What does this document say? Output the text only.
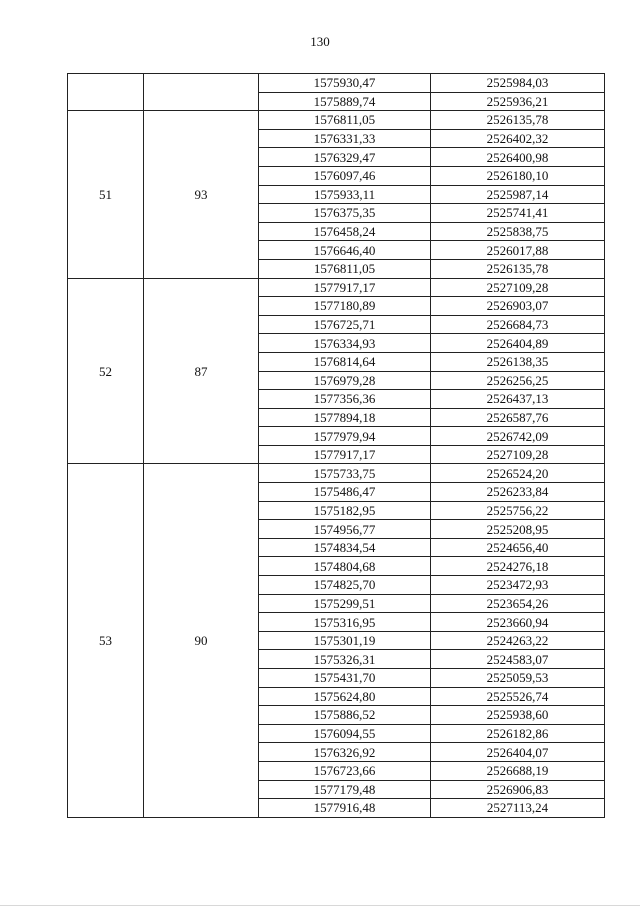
130
		1575930,47	2525984,03
		1575889,74	2525936,21
51	93	1576811,05	2526135,78
		1576331,33	2526402,32
		1576329,47	2526400,98
		1576097,46	2526180,10
		1575933,11	2525987,14
		1576375,35	2525741,41
		1576458,24	2525838,75
		1576646,40	2526017,88
		1576811,05	2526135,78
52	87	1577917,17	2527109,28
		1577180,89	2526903,07
		1576725,71	2526684,73
		1576334,93	2526404,89
		1576814,64	2526138,35
		1576979,28	2526256,25
		1577356,36	2526437,13
		1577894,18	2526587,76
		1577979,94	2526742,09
		1577917,17	2527109,28
53	90	1575733,75	2526524,20
		1575486,47	2526233,84
		1575182,95	2525756,22
		1574956,77	2525208,95
		1574834,54	2524656,40
		1574804,68	2524276,18
		1574825,70	2523472,93
		1575299,51	2523654,26
		1575316,95	2523660,94
		1575301,19	2524263,22
		1575326,31	2524583,07
		1575431,70	2525059,53
		1575624,80	2525526,74
		1575886,52	2525938,60
		1576094,55	2526182,86
		1576326,92	2526404,07
		1576723,66	2526688,19
		1577179,48	2526906,83
		1577916,48	2527113,24
